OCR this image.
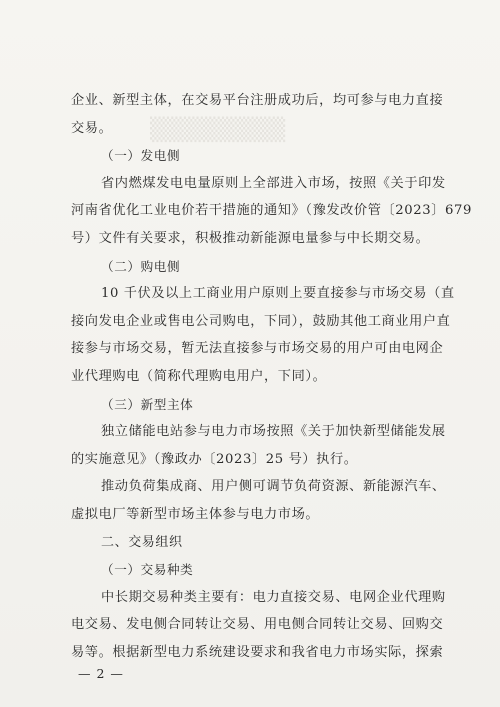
▒▒▒▒▒▒▒▒
企业、新型主体，在交易平台注册成功后，均可参与电力直接
交易。
（一）发电侧
省内燃煤发电电量原则上全部进入市场，按照《关于印发
河南省优化工业电价若干措施的通知》（豫发改价管〔2023〕679
号）文件有关要求，积极推动新能源电量参与中长期交易。
（二）购电侧
10 千伏及以上工商业用户原则上要直接参与市场交易（直
接向发电企业或售电公司购电，下同），鼓励其他工商业用户直
接参与市场交易，暂无法直接参与市场交易的用户可由电网企
业代理购电（简称代理购电用户，下同）。
（三）新型主体
独立储能电站参与电力市场按照《关于加快新型储能发展
的实施意见》（豫政办〔2023〕25 号）执行。
推动负荷集成商、用户侧可调节负荷资源、新能源汽车、
虚拟电厂等新型市场主体参与电力市场。
二、交易组织
（一）交易种类
中长期交易种类主要有：电力直接交易、电网企业代理购
电交易、发电侧合同转让交易、用电侧合同转让交易、回购交
易等。根据新型电力系统建设要求和我省电力市场实际，探索
— 2 —
